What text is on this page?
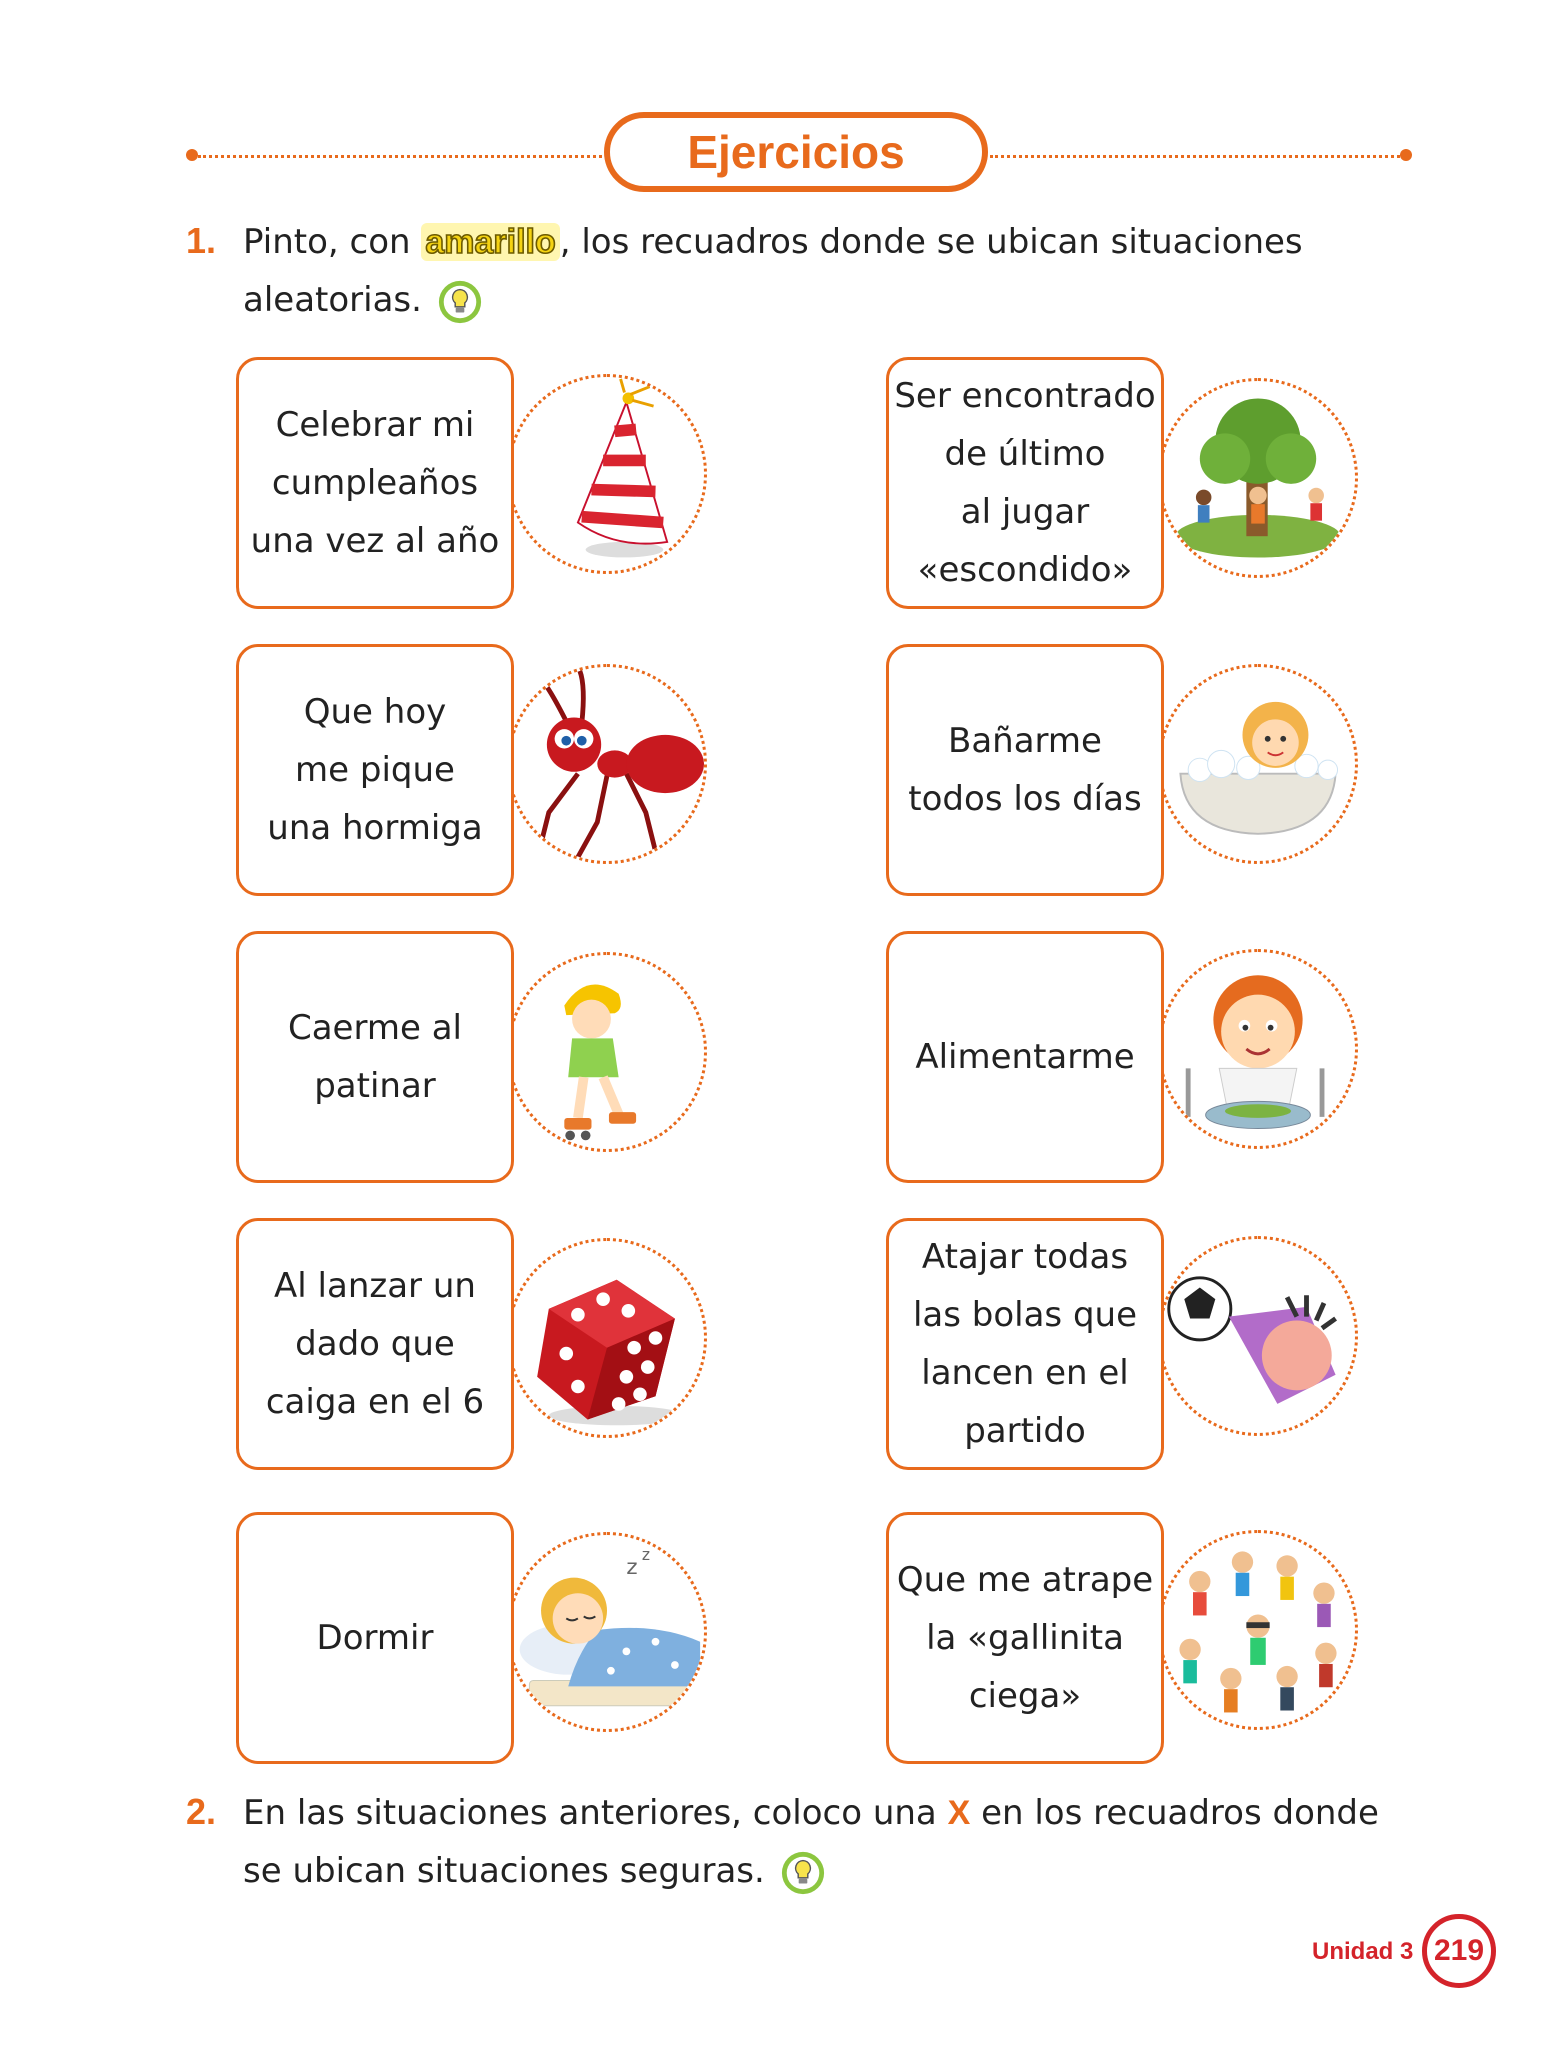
Ejercicios
1. Pinto, con amarillo , los recuadros donde se ubican situaciones
aleatorias.
Celebrar mi
cumpleaños
una vez al año
Ser encontrado
de último
al jugar
«escondido»
Que hoy
me pique
una hormiga
Bañarme
todos los días
Caerme al
patinar
Alimentarme
Al lanzar un
dado que
caiga en el 6
Atajar todas
las bolas que
lancen en el
partido
z z
Dormir
Que me atrape
la «gallinita
ciega»
2. En las situaciones anteriores, coloco una X en los recuadros donde
se ubican situaciones seguras.
Unidad 3 219
